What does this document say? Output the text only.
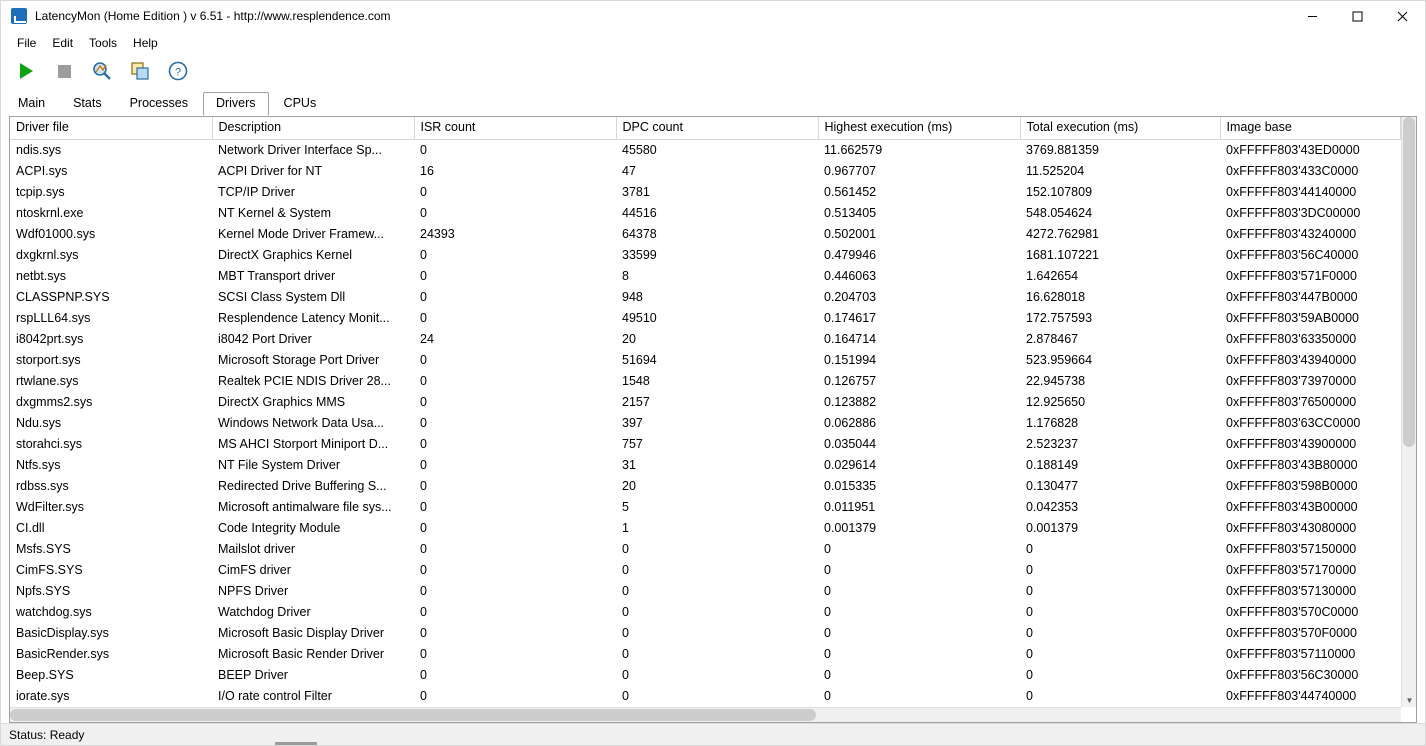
LatencyMon (Home Edition ) v 6.51 - http://www.resplendence.com
File	Edit	Tools	Help
?
Main	Stats	Processes	Drivers	CPUs
Driver file	Description	ISR count	DPC count	Highest execution (ms)	Total execution (ms)	Image base
ndis.sys	Network Driver Interface Sp...	0	45580	11.662579	3769.881359	0xFFFFF803'43ED0000
ACPI.sys	ACPI Driver for NT	16	47	0.967707	11.525204	0xFFFFF803'433C0000
tcpip.sys	TCP/IP Driver	0	3781	0.561452	152.107809	0xFFFFF803'44140000
ntoskrnl.exe	NT Kernel & System	0	44516	0.513405	548.054624	0xFFFFF803'3DC00000
Wdf01000.sys	Kernel Mode Driver Framew...	24393	64378	0.502001	4272.762981	0xFFFFF803'43240000
dxgkrnl.sys	DirectX Graphics Kernel	0	33599	0.479946	1681.107221	0xFFFFF803'56C40000
netbt.sys	MBT Transport driver	0	8	0.446063	1.642654	0xFFFFF803'571F0000
CLASSPNP.SYS	SCSI Class System Dll	0	948	0.204703	16.628018	0xFFFFF803'447B0000
rspLLL64.sys	Resplendence Latency Monit...	0	49510	0.174617	172.757593	0xFFFFF803'59AB0000
i8042prt.sys	i8042 Port Driver	24	20	0.164714	2.878467	0xFFFFF803'63350000
storport.sys	Microsoft Storage Port Driver	0	51694	0.151994	523.959664	0xFFFFF803'43940000
rtwlane.sys	Realtek PCIE NDIS Driver 28...	0	1548	0.126757	22.945738	0xFFFFF803'73970000
dxgmms2.sys	DirectX Graphics MMS	0	2157	0.123882	12.925650	0xFFFFF803'76500000
Ndu.sys	Windows Network Data Usa...	0	397	0.062886	1.176828	0xFFFFF803'63CC0000
storahci.sys	MS AHCI Storport Miniport D...	0	757	0.035044	2.523237	0xFFFFF803'43900000
Ntfs.sys	NT File System Driver	0	31	0.029614	0.188149	0xFFFFF803'43B80000
rdbss.sys	Redirected Drive Buffering S...	0	20	0.015335	0.130477	0xFFFFF803'598B0000
WdFilter.sys	Microsoft antimalware file sys...	0	5	0.011951	0.042353	0xFFFFF803'43B00000
CI.dll	Code Integrity Module	0	1	0.001379	0.001379	0xFFFFF803'43080000
Msfs.SYS	Mailslot driver	0	0	0	0	0xFFFFF803'57150000
CimFS.SYS	CimFS driver	0	0	0	0	0xFFFFF803'57170000
Npfs.SYS	NPFS Driver	0	0	0	0	0xFFFFF803'57130000
watchdog.sys	Watchdog Driver	0	0	0	0	0xFFFFF803'570C0000
BasicDisplay.sys	Microsoft Basic Display Driver	0	0	0	0	0xFFFFF803'570F0000
BasicRender.sys	Microsoft Basic Render Driver	0	0	0	0	0xFFFFF803'57110000
Beep.SYS	BEEP Driver	0	0	0	0	0xFFFFF803'56C30000
iorate.sys	I/O rate control Filter	0	0	0	0	0xFFFFF803'44740000	▼
Status: Ready
